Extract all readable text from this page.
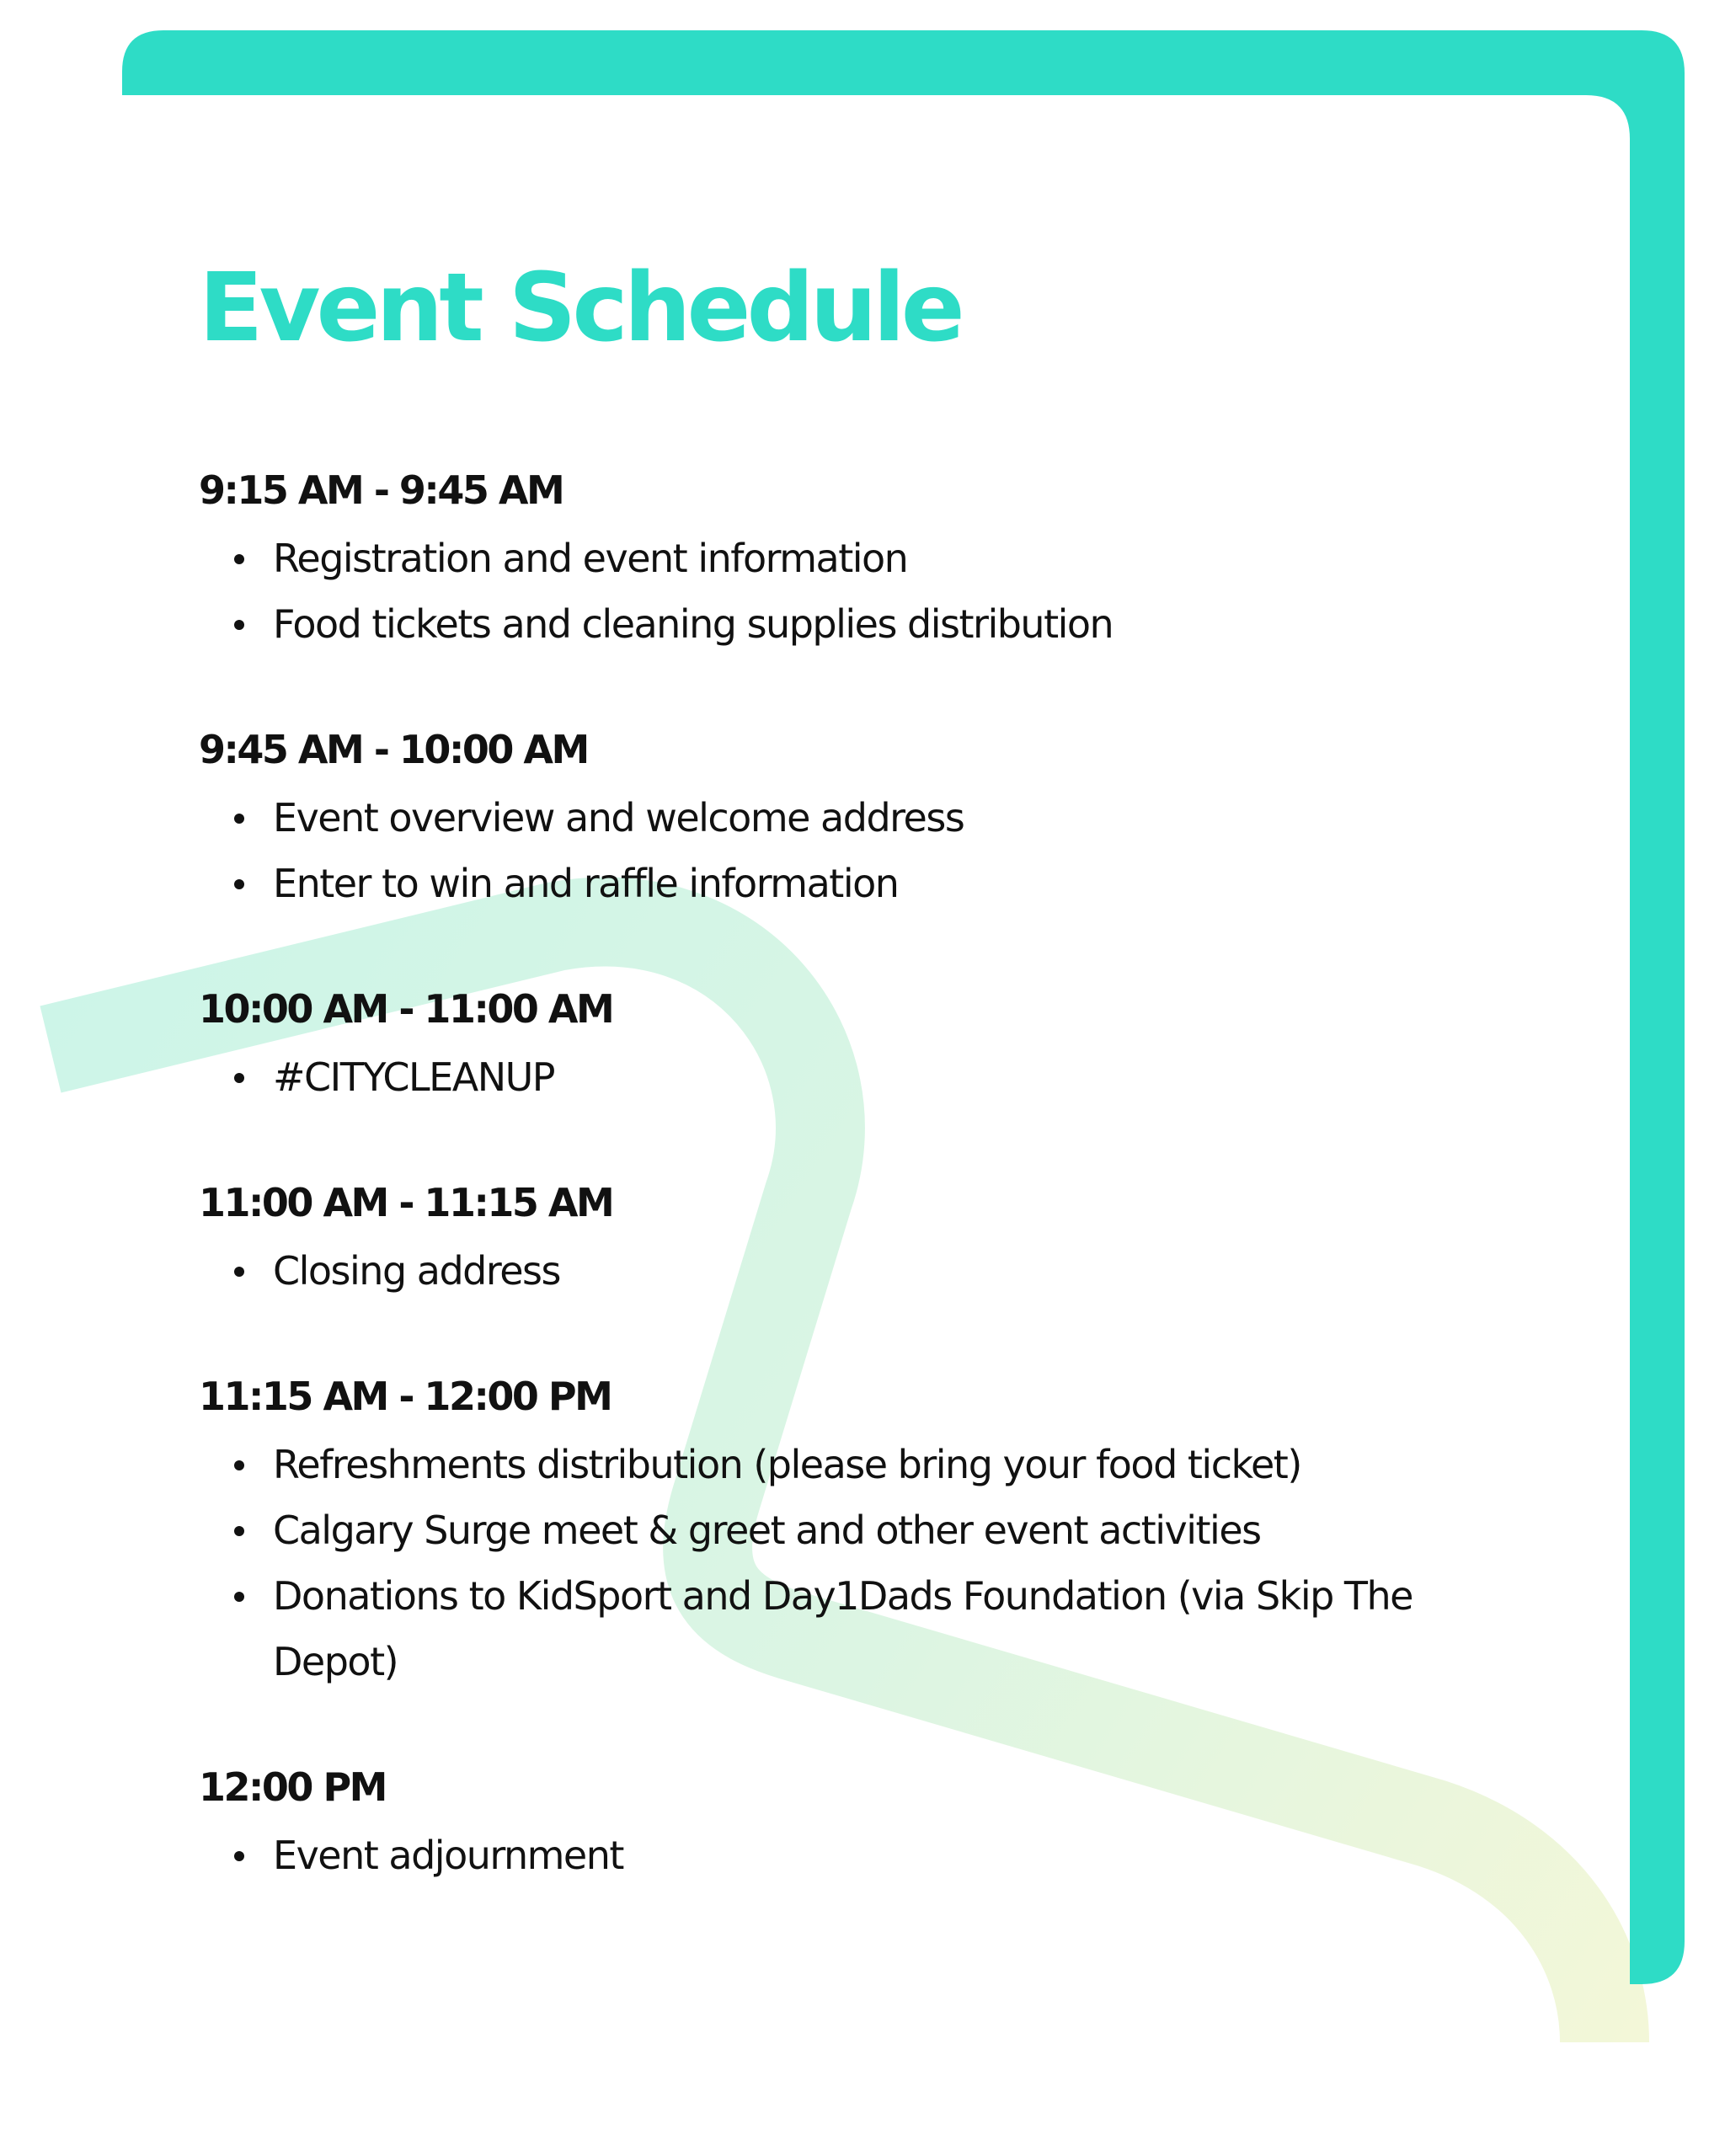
Event Schedule
9:15 AM - 9:45 AM
Registration and event information
Food tickets and cleaning supplies distribution
9:45 AM - 10:00 AM
Event overview and welcome address
Enter to win and raffle information
10:00 AM - 11:00 AM
#CITYCLEANUP
11:00 AM - 11:15 AM
Closing address
11:15 AM - 12:00 PM
Refreshments distribution (please bring your food ticket)
Calgary Surge meet & greet and other event activities
Donations to KidSport and Day1Dads Foundation (via Skip The Depot)
12:00 PM
Event adjournment
